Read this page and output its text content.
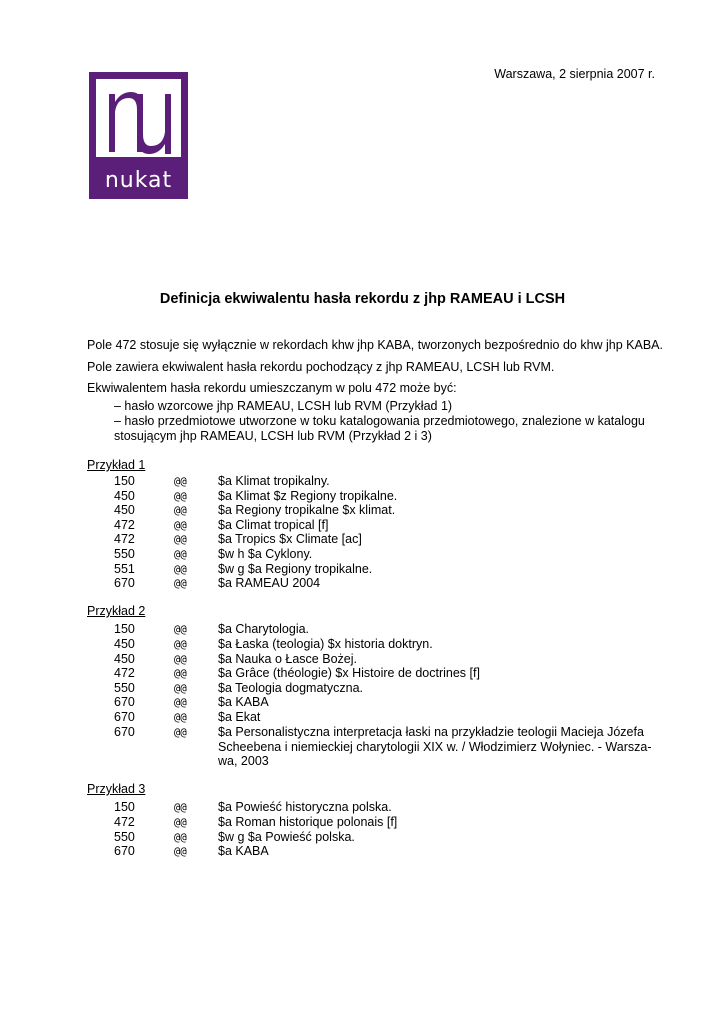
nukat
Warszawa, 2 sierpnia 2007 r.
Definicja ekwiwalentu hasła rekordu z jhp RAMEAU i LCSH
Pole 472 stosuje się wyłącznie w rekordach khw jhp KABA, tworzonych bezpośrednio do khw jhp KABA.
Pole zawiera ekwiwalent hasła rekordu pochodzący z jhp RAMEAU, LCSH lub RVM.
Ekwiwalentem hasła rekordu umieszczanym w polu 472 może być:
– hasło wzorcowe jhp RAMEAU, LCSH lub RVM (Przykład 1)
– hasło przedmiotowe utworzone w toku katalogowania przedmiotowego, znalezione w katalogu stosującym jhp RAMEAU, LCSH lub RVM (Przykład 2 i 3)
Przykład 1
150	@@	$a Klimat tropikalny.
450	@@	$a Klimat $z Regiony tropikalne.
450	@@	$a Regiony tropikalne $x klimat.
472	@@	$a Climat tropical [f]
472	@@	$a Tropics $x Climate [ac]
550	@@	$w h $a Cyklony.
551	@@	$w g $a Regiony tropikalne.
670	@@	$a RAMEAU 2004
Przykład 2
150	@@	$a Charytologia.
450	@@	$a Łaska (teologia) $x historia doktryn.
450	@@	$a Nauka o Łasce Bożej.
472	@@	$a Grâce (théologie) $x Histoire de doctrines [f]
550	@@	$a Teologia dogmatyczna.
670	@@	$a KABA
670	@@	$a Ekat
670	@@	$a Personalistyczna interpretacja łaski na przykładzie teologii Macieja Józefa Scheebena i niemieckiej charytologii XIX w. / Włodzimierz Wołyniec. - Warsza-wa, 2003
Przykład 3
150	@@	$a Powieść historyczna polska.
472	@@	$a Roman historique polonais [f]
550	@@	$w g $a Powieść polska.
670	@@	$a KABA
